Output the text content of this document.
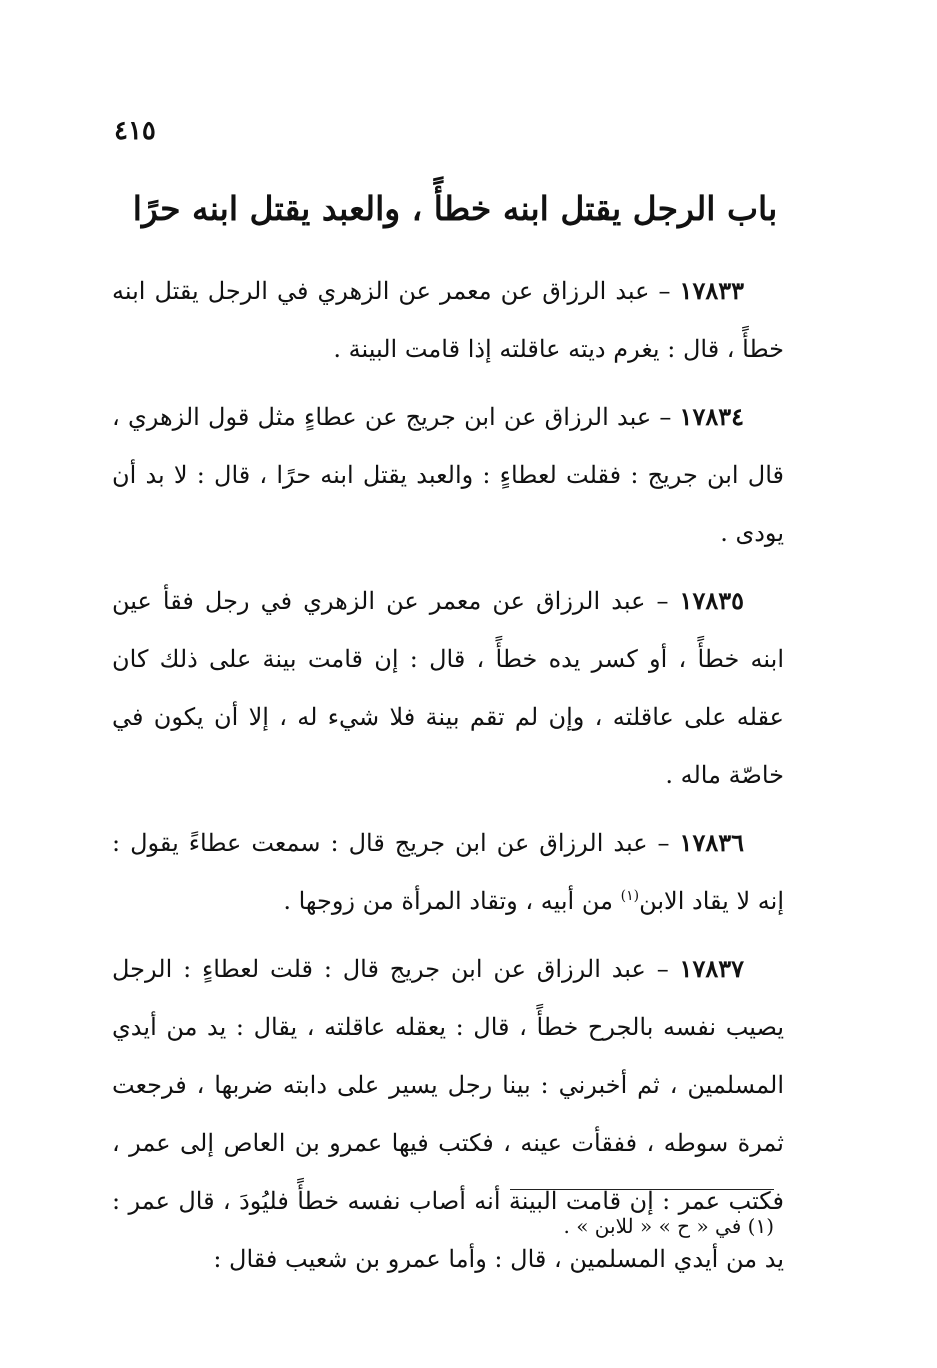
٤١٥

باب الرجل يقتل ابنه خطأً ، والعبد يقتل ابنه حرًا

١٧٨٣٣ – عبد الرزاق عن معمر عن الزهري في الرجل يقتل ابنه خطأً ، قال : يغرم ديته عاقلته إذا قامت البينة .

١٧٨٣٤ – عبد الرزاق عن ابن جريج عن عطاءٍ مثل قول الزهري ، قال ابن جريج : فقلت لعطاءٍ : والعبد يقتل ابنه حرًا ، قال : لا بد أن يودى .

١٧٨٣٥ – عبد الرزاق عن معمر عن الزهري في رجل فقأ عين ابنه خطأً ، أو كسر يده خطأً ، قال : إن قامت بينة على ذلك كان عقله على عاقلته ، وإن لم تقم بينة فلا شيء له ، إلا أن يكون في خاصّة ماله .

١٧٨٣٦ – عبد الرزاق عن ابن جريج قال : سمعت عطاءً يقول : إنه لا يقاد الابن$^{(١)}$ من أبيه ، وتقاد المرأة من زوجها .

١٧٨٣٧ – عبد الرزاق عن ابن جريج قال : قلت لعطاءٍ : الرجل يصيب نفسه بالجرح خطأً ، قال : يعقله عاقلته ، يقال : يد من أيدي المسلمين ، ثم أخبرني : بينا رجل يسير على دابته ضربها ، فرجعت ثمرة سوطه ، ففقأت عينه ، فكتب فيها عمرو بن العاص إلى عمر ، فكتب عمر : إن قامت البينة أنه أصاب نفسه خطأً فليُودَ ، قال عمر : يد من أيدي المسلمين ، قال : وأما عمرو بن شعيب فقال :

(١) في « ح » « للابن » .
